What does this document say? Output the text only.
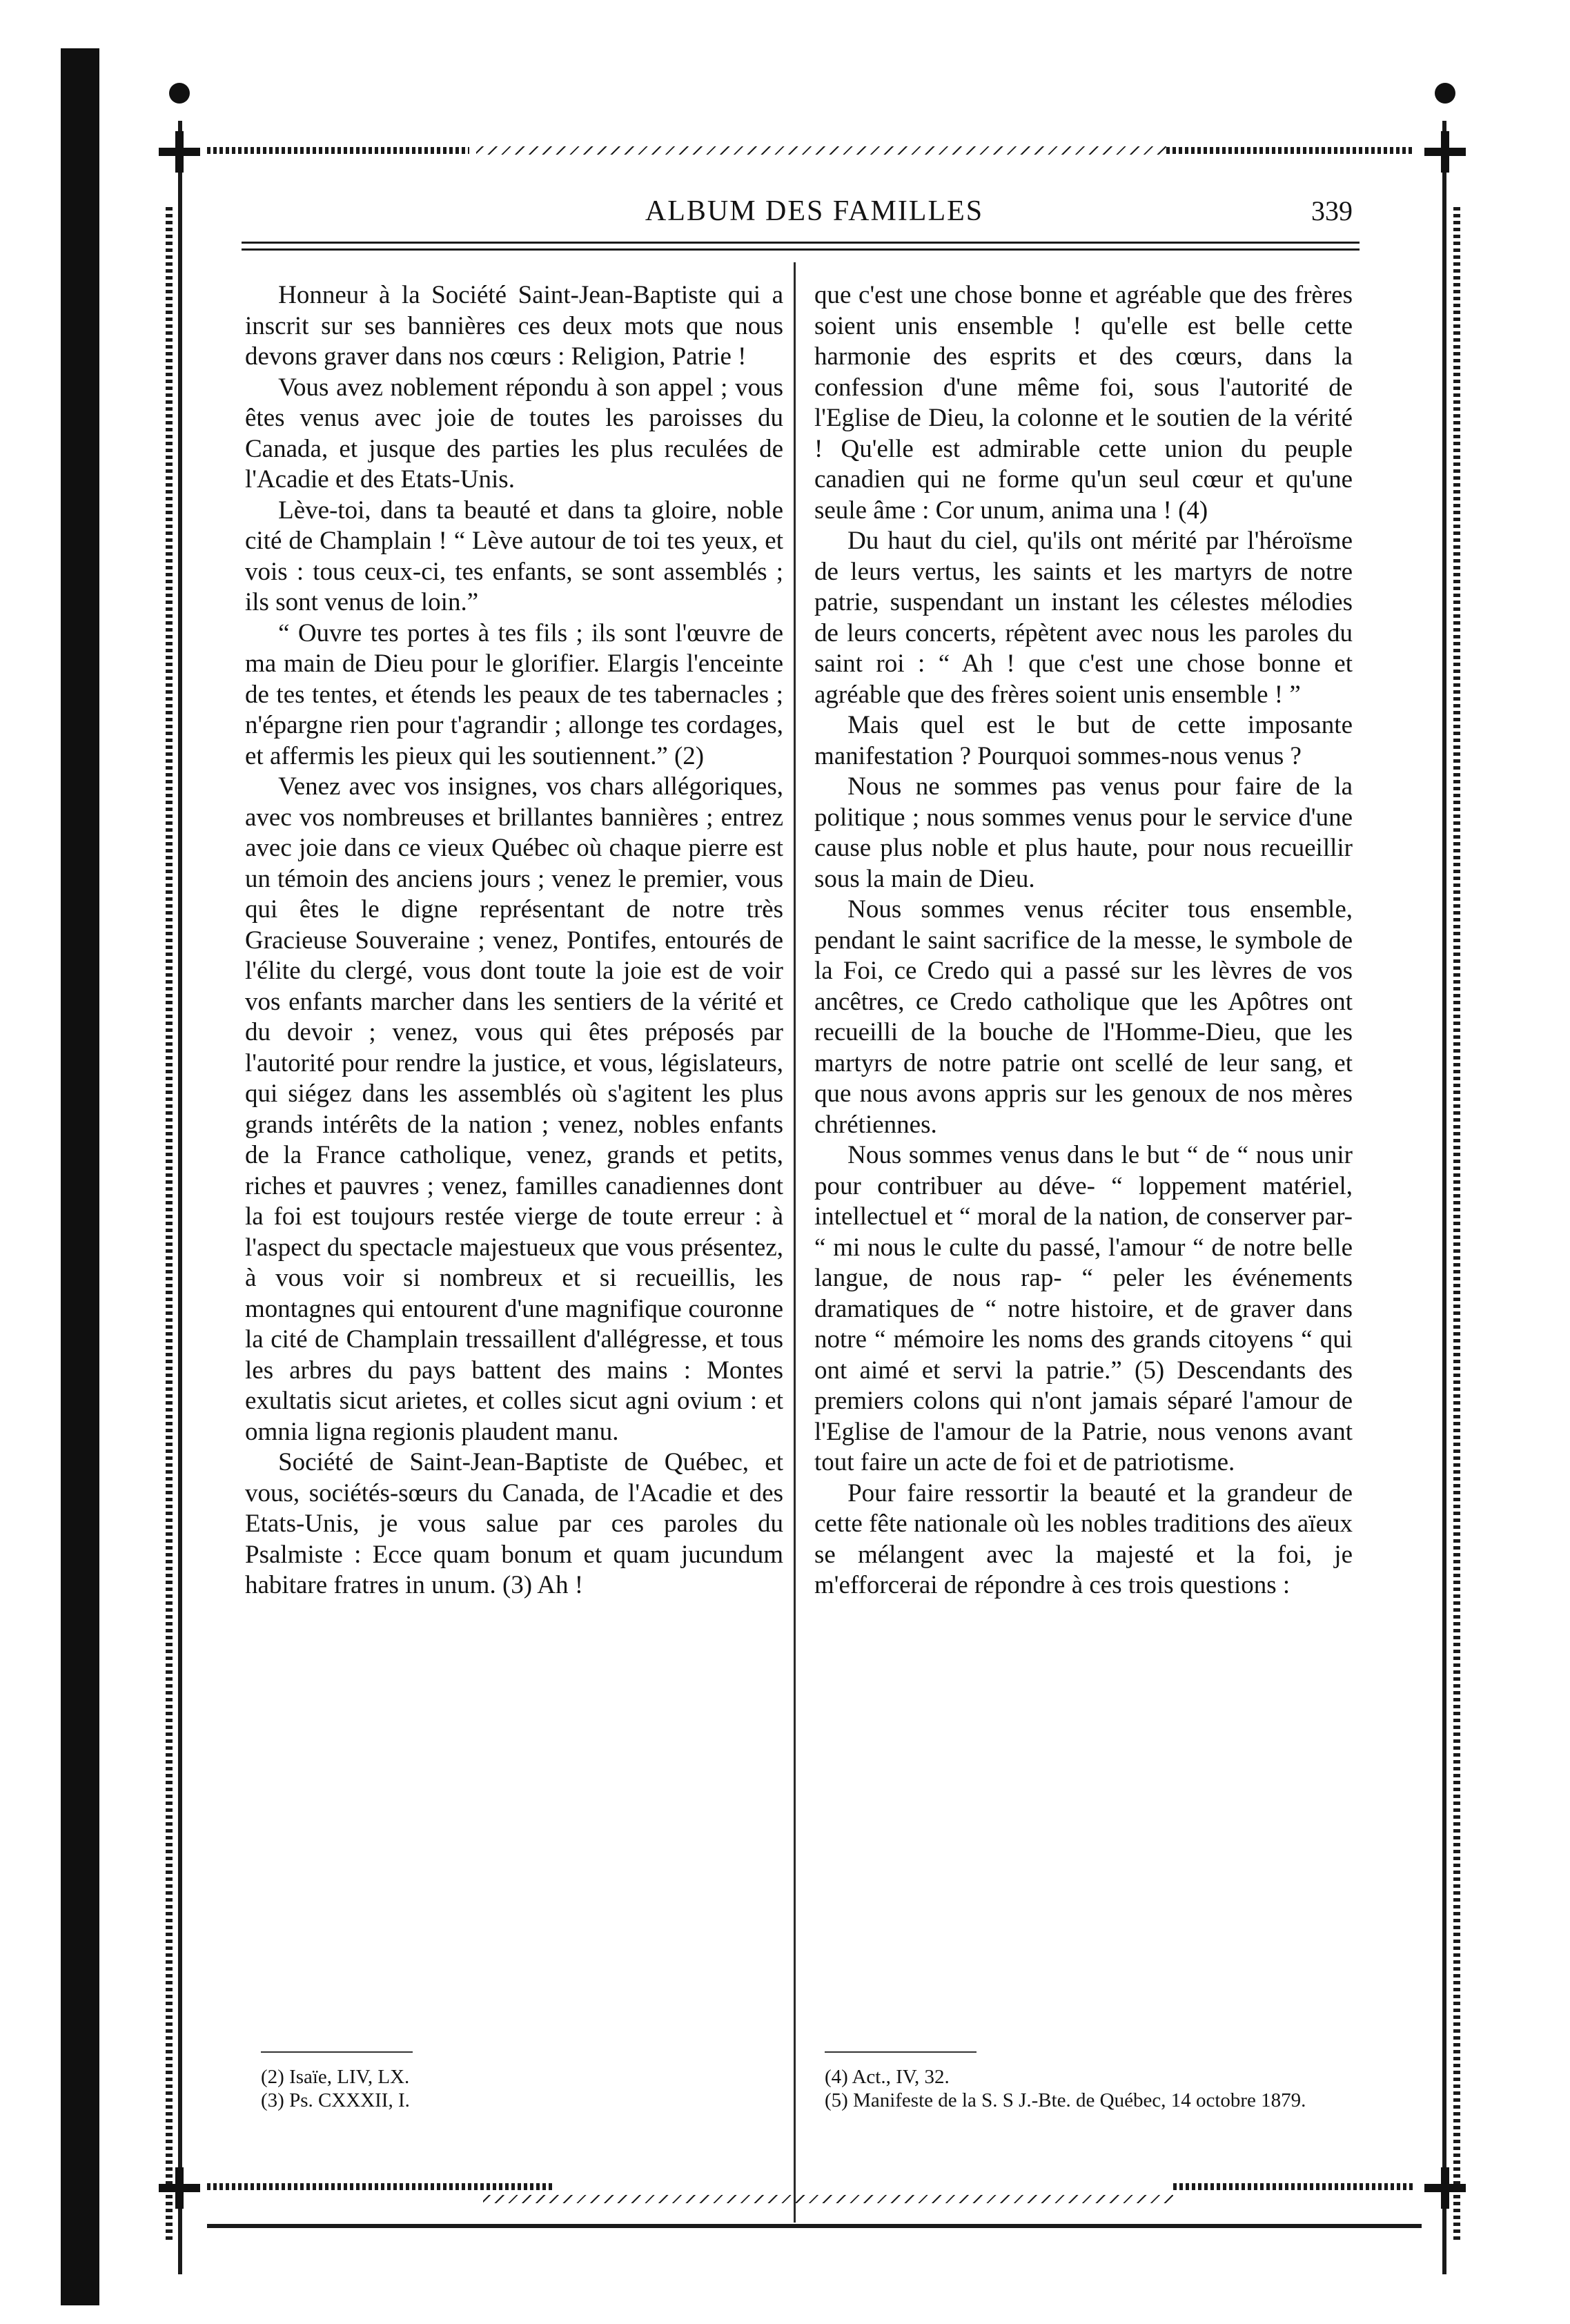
ALBUM DES FAMILLES	339

Honneur à la Société Saint-Jean-Baptiste qui a inscrit sur ses bannières ces deux mots que nous devons graver dans nos cœurs : Religion, Patrie !

Vous avez noblement répondu à son appel ; vous êtes venus avec joie de toutes les paroisses du Canada, et jusque des parties les plus reculées de l'Acadie et des Etats-Unis.

Lève-toi, dans ta beauté et dans ta gloire, noble cité de Champlain ! “ Lève autour de toi tes yeux, et vois : tous ceux-ci, tes enfants, se sont assemblés ; ils sont venus de loin.”

“ Ouvre tes portes à tes fils ; ils sont l'œuvre de ma main de Dieu pour le glorifier. Elargis l'enceinte de tes tentes, et étends les peaux de tes tabernacles ; n'épargne rien pour t'agrandir ; allonge tes cordages, et affermis les pieux qui les soutiennent.” (2)

Venez avec vos insignes, vos chars allégoriques, avec vos nombreuses et brillantes bannières ; entrez avec joie dans ce vieux Québec où chaque pierre est un témoin des anciens jours ; venez le premier, vous qui êtes le digne représentant de notre très Gracieuse Souveraine ; venez, Pontifes, entourés de l'élite du clergé, vous dont toute la joie est de voir vos enfants marcher dans les sentiers de la vérité et du devoir ; venez, vous qui êtes préposés par l'autorité pour rendre la justice, et vous, législateurs, qui siégez dans les assemblés où s'agitent les plus grands intérêts de la nation ; venez, nobles enfants de la France catholique, venez, grands et petits, riches et pauvres ; venez, familles canadiennes dont la foi est toujours restée vierge de toute erreur : à l'aspect du spectacle majestueux que vous présentez, à vous voir si nombreux et si recueillis, les montagnes qui entourent d'une magnifique couronne la cité de Champlain tressaillent d'allégresse, et tous les arbres du pays battent des mains : Montes exultatis sicut arietes, et colles sicut agni ovium : et omnia ligna regionis plaudent manu.

Société de Saint-Jean-Baptiste de Québec, et vous, sociétés-sœurs du Canada, de l'Acadie et des Etats-Unis, je vous salue par ces paroles du Psalmiste : Ecce quam bonum et quam jucundum habitare fratres in unum. (3) Ah !

que c'est une chose bonne et agréable que des frères soient unis ensemble ! qu'elle est belle cette harmonie des esprits et des cœurs, dans la confession d'une même foi, sous l'autorité de l'Eglise de Dieu, la colonne et le soutien de la vérité ! Qu'elle est admirable cette union du peuple canadien qui ne forme qu'un seul cœur et qu'une seule âme : Cor unum, anima una ! (4)

Du haut du ciel, qu'ils ont mérité par l'héroïsme de leurs vertus, les saints et les martyrs de notre patrie, suspendant un instant les célestes mélodies de leurs concerts, répètent avec nous les paroles du saint roi : “ Ah ! que c'est une chose bonne et agréable que des frères soient unis ensemble ! ”

Mais quel est le but de cette imposante manifestation ? Pourquoi sommes-nous venus ?

Nous ne sommes pas venus pour faire de la politique ; nous sommes venus pour le service d'une cause plus noble et plus haute, pour nous recueillir sous la main de Dieu.

Nous sommes venus réciter tous ensemble, pendant le saint sacrifice de la messe, le symbole de la Foi, ce Credo qui a passé sur les lèvres de vos ancêtres, ce Credo catholique que les Apôtres ont recueilli de la bouche de l'Homme-Dieu, que les martyrs de notre patrie ont scellé de leur sang, et que nous avons appris sur les genoux de nos mères chrétiennes.

Nous sommes venus dans le but “ de “ nous unir pour contribuer au déve- “ loppement matériel, intellectuel et “ moral de la nation, de conserver par- “ mi nous le culte du passé, l'amour “ de notre belle langue, de nous rap- “ peler les événements dramatiques de “ notre histoire, et de graver dans notre “ mémoire les noms des grands citoyens “ qui ont aimé et servi la patrie.” (5) Descendants des premiers colons qui n'ont jamais séparé l'amour de l'Eglise de l'amour de la Patrie, nous venons avant tout faire un acte de foi et de patriotisme.

Pour faire ressortir la beauté et la grandeur de cette fête nationale où les nobles traditions des aïeux se mélangent avec la majesté et la foi, je m'efforcerai de répondre à ces trois questions :

(2) Isaïe, LIV, LX.
(3) Ps. CXXXII, I.
(4) Act., IV, 32.
(5) Manifeste de la S. S J.-Bte. de Québec, 14 octobre 1879.
